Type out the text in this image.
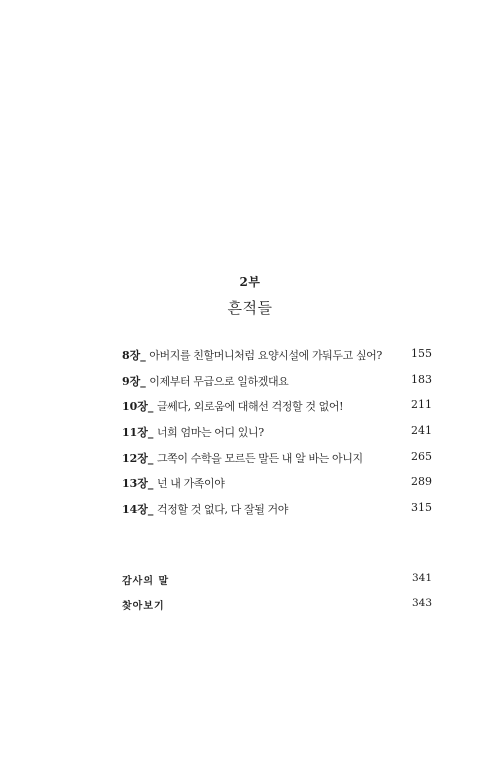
2부
흔적들
8장_ 아버지를 친할머니처럼 요양시설에 가둬두고 싶어?	155
9장_ 이제부터 무급으로 일하겠대요	183
10장_ 글쎄다, 외로움에 대해선 걱정할 것 없어!	211
11장_ 너희 엄마는 어디 있니?	241
12장_ 그쪽이 수학을 모르든 말든 내 알 바는 아니지	265
13장_ 넌 내 가족이야	289
14장_ 걱정할 것 없다, 다 잘될 거야	315
감사의 말	341
찾아보기	343
